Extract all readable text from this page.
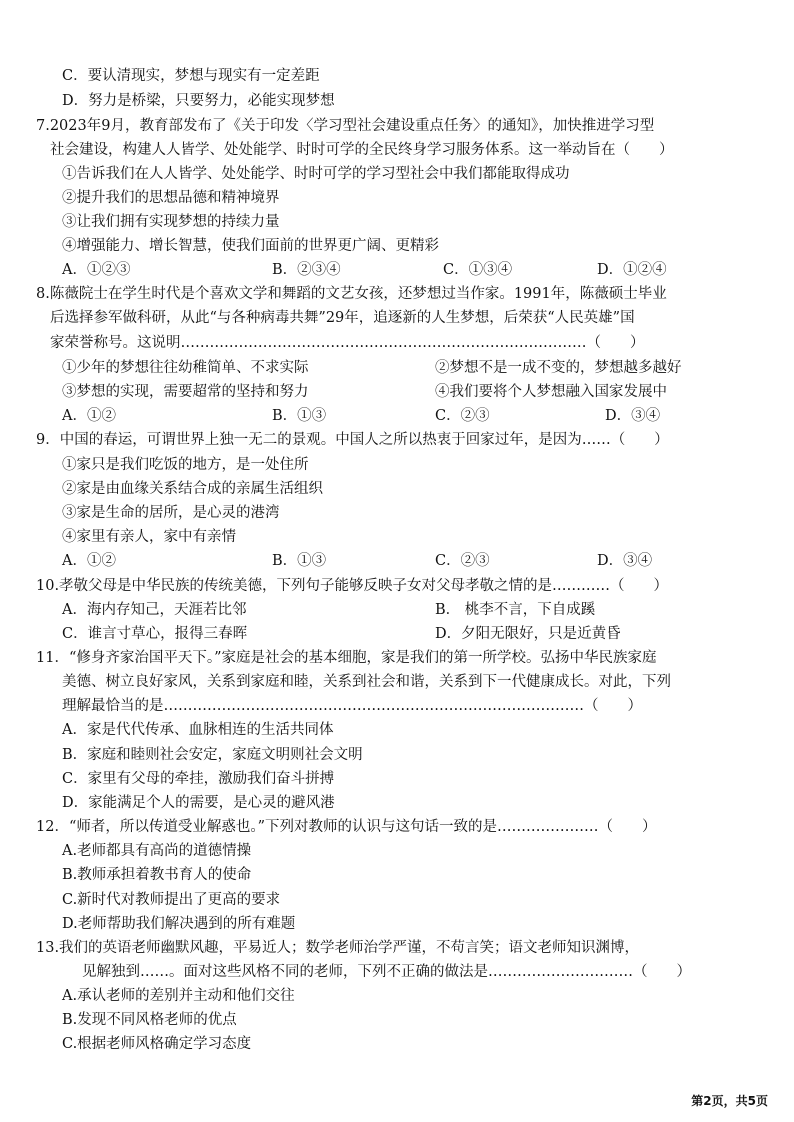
C．要认清现实，梦想与现实有一定差距
D．努力是桥梁，只要努力，必能实现梦想
7.2023年9月，教育部发布了《关于印发〈学习型社会建设重点任务〉的通知》，加快推进学习型
社会建设，构建人人皆学、处处能学、时时可学的全民终身学习服务体系。这一举动旨在（　　）
①告诉我们在人人皆学、处处能学、时时可学的学习型社会中我们都能取得成功
②提升我们的思想品德和精神境界
③让我们拥有实现梦想的持续力量
④增强能力、增长智慧，使我们面前的世界更广阔、更精彩
A．①②③	B．②③④	C．①③④	D．①②④
8.陈薇院士在学生时代是个喜欢文学和舞蹈的文艺女孩，还梦想过当作家。1991年，陈薇硕士毕业
后选择参军做科研，从此“与各种病毒共舞”29年，追逐新的人生梦想，后荣获“人民英雄”国
家荣誉称号。这说明…………………………………………………………………………（　　）
①少年的梦想往往幼稚简单、不求实际	②梦想不是一成不变的，梦想越多越好
③梦想的实现，需要超常的坚持和努力	④我们要将个人梦想融入国家发展中
A．①②	B．①③	C．②③	D．③④
9．中国的春运，可谓世界上独一无二的景观。中国人之所以热衷于回家过年，是因为……（　　）
①家只是我们吃饭的地方，是一处住所
②家是由血缘关系结合成的亲属生活组织
③家是生命的居所，是心灵的港湾
④家里有亲人，家中有亲情
A．①②	B．①③	C．②③	D．③④
10.孝敬父母是中华民族的传统美德，下列句子能够反映子女对父母孝敬之情的是…………（　　）
A．海内存知己，天涯若比邻	B． 桃李不言，下自成蹊
C．谁言寸草心，报得三春晖	D．夕阳无限好，只是近黄昏
11．“修身齐家治国平天下。”家庭是社会的基本细胞，家是我们的第一所学校。弘扬中华民族家庭
美德、树立良好家风，关系到家庭和睦，关系到社会和谐，关系到下一代健康成长。对此，下列
理解最恰当的是……………………………………………………………………………（　　）
A．家是代代传承、血脉相连的生活共同体
B．家庭和睦则社会安定，家庭文明则社会文明
C．家里有父母的牵挂，激励我们奋斗拼搏
D．家能满足个人的需要，是心灵的避风港
12．“师者，所以传道受业解惑也。”下列对教师的认识与这句话一致的是…………………（　　）
A.老师都具有高尚的道德情操
B.教师承担着教书育人的使命
C.新时代对教师提出了更高的要求
D.老师帮助我们解决遇到的所有难题
13.我们的英语老师幽默风趣，平易近人；数学老师治学严谨，不苟言笑；语文老师知识渊博，
见解独到……。面对这些风格不同的老师，下列不正确的做法是…………………………（　　）
A.承认老师的差别并主动和他们交往
B.发现不同风格老师的优点
C.根据老师风格确定学习态度
第2页，共5页
